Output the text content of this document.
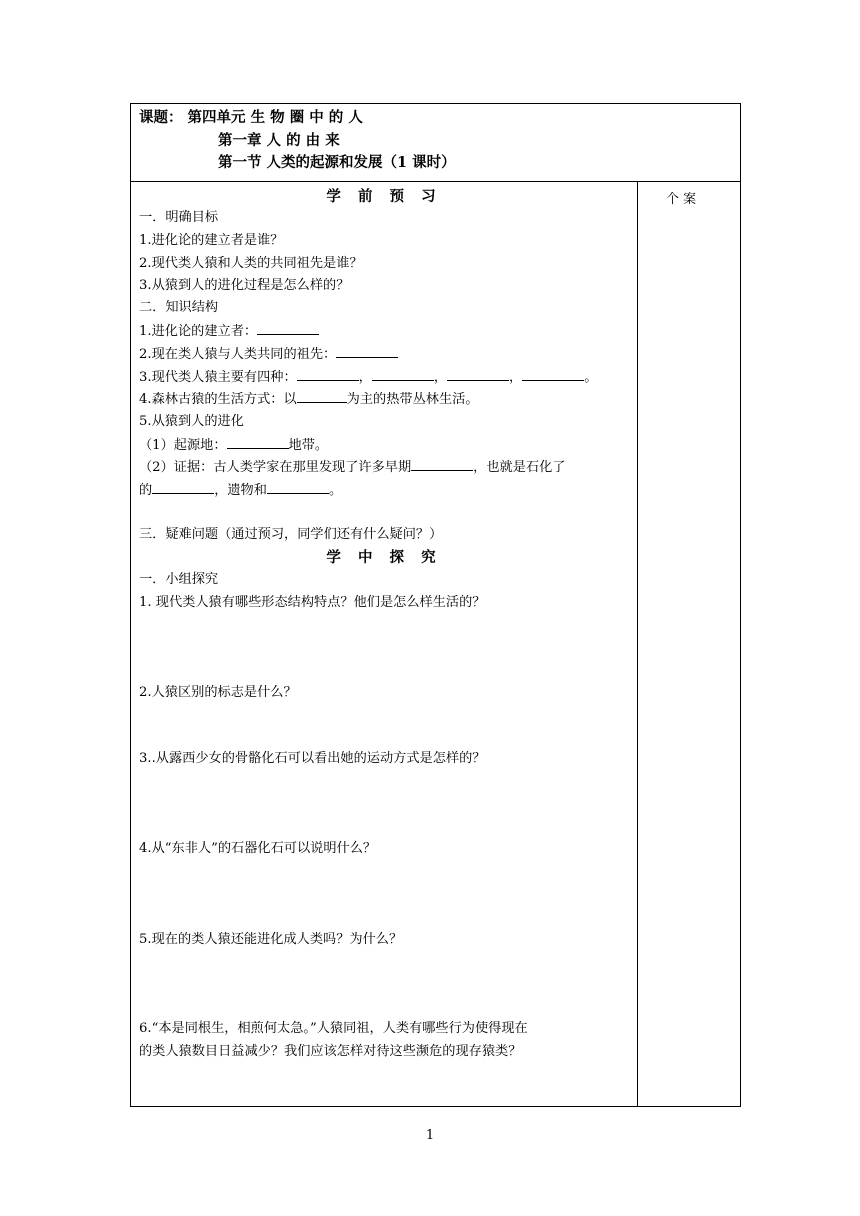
课题： 第四单元 生 物 圈 中 的 人
第一章 人 的 由 来
第一节 人类的起源和发展（1 课时）
个 案
学 前 预 习
一．明确目标
1.进化论的建立者是谁？
2.现代类人猿和人类的共同祖先是谁？
3.从猿到人的进化过程是怎么样的？
二．知识结构
1.进化论的建立者：
2.现在类人猿与人类共同的祖先：
3.现代类人猿主要有四种：	，	，	，	。
4.森林古猿的生活方式：以	为主的热带丛林生活。
5.从猿到人的进化
（1）起源地：	地带。
（2）证据：古人类学家在那里发现了许多早期	，也就是石化了
的	，遗物和	。
三．疑难问题（通过预习，同学们还有什么疑问？）
学 中 探 究
一．小组探究
1. 现代类人猿有哪些形态结构特点？他们是怎么样生活的？
2.人猿区别的标志是什么？
3..从露西少女的骨骼化石可以看出她的运动方式是怎样的？
4.从“东非人”的石器化石可以说明什么？
5.现在的类人猿还能进化成人类吗？为什么？
6.“本是同根生，相煎何太急。”人猿同祖，人类有哪些行为使得现在
的类人猿数目日益减少？我们应该怎样对待这些濒危的现存猿类？
1
